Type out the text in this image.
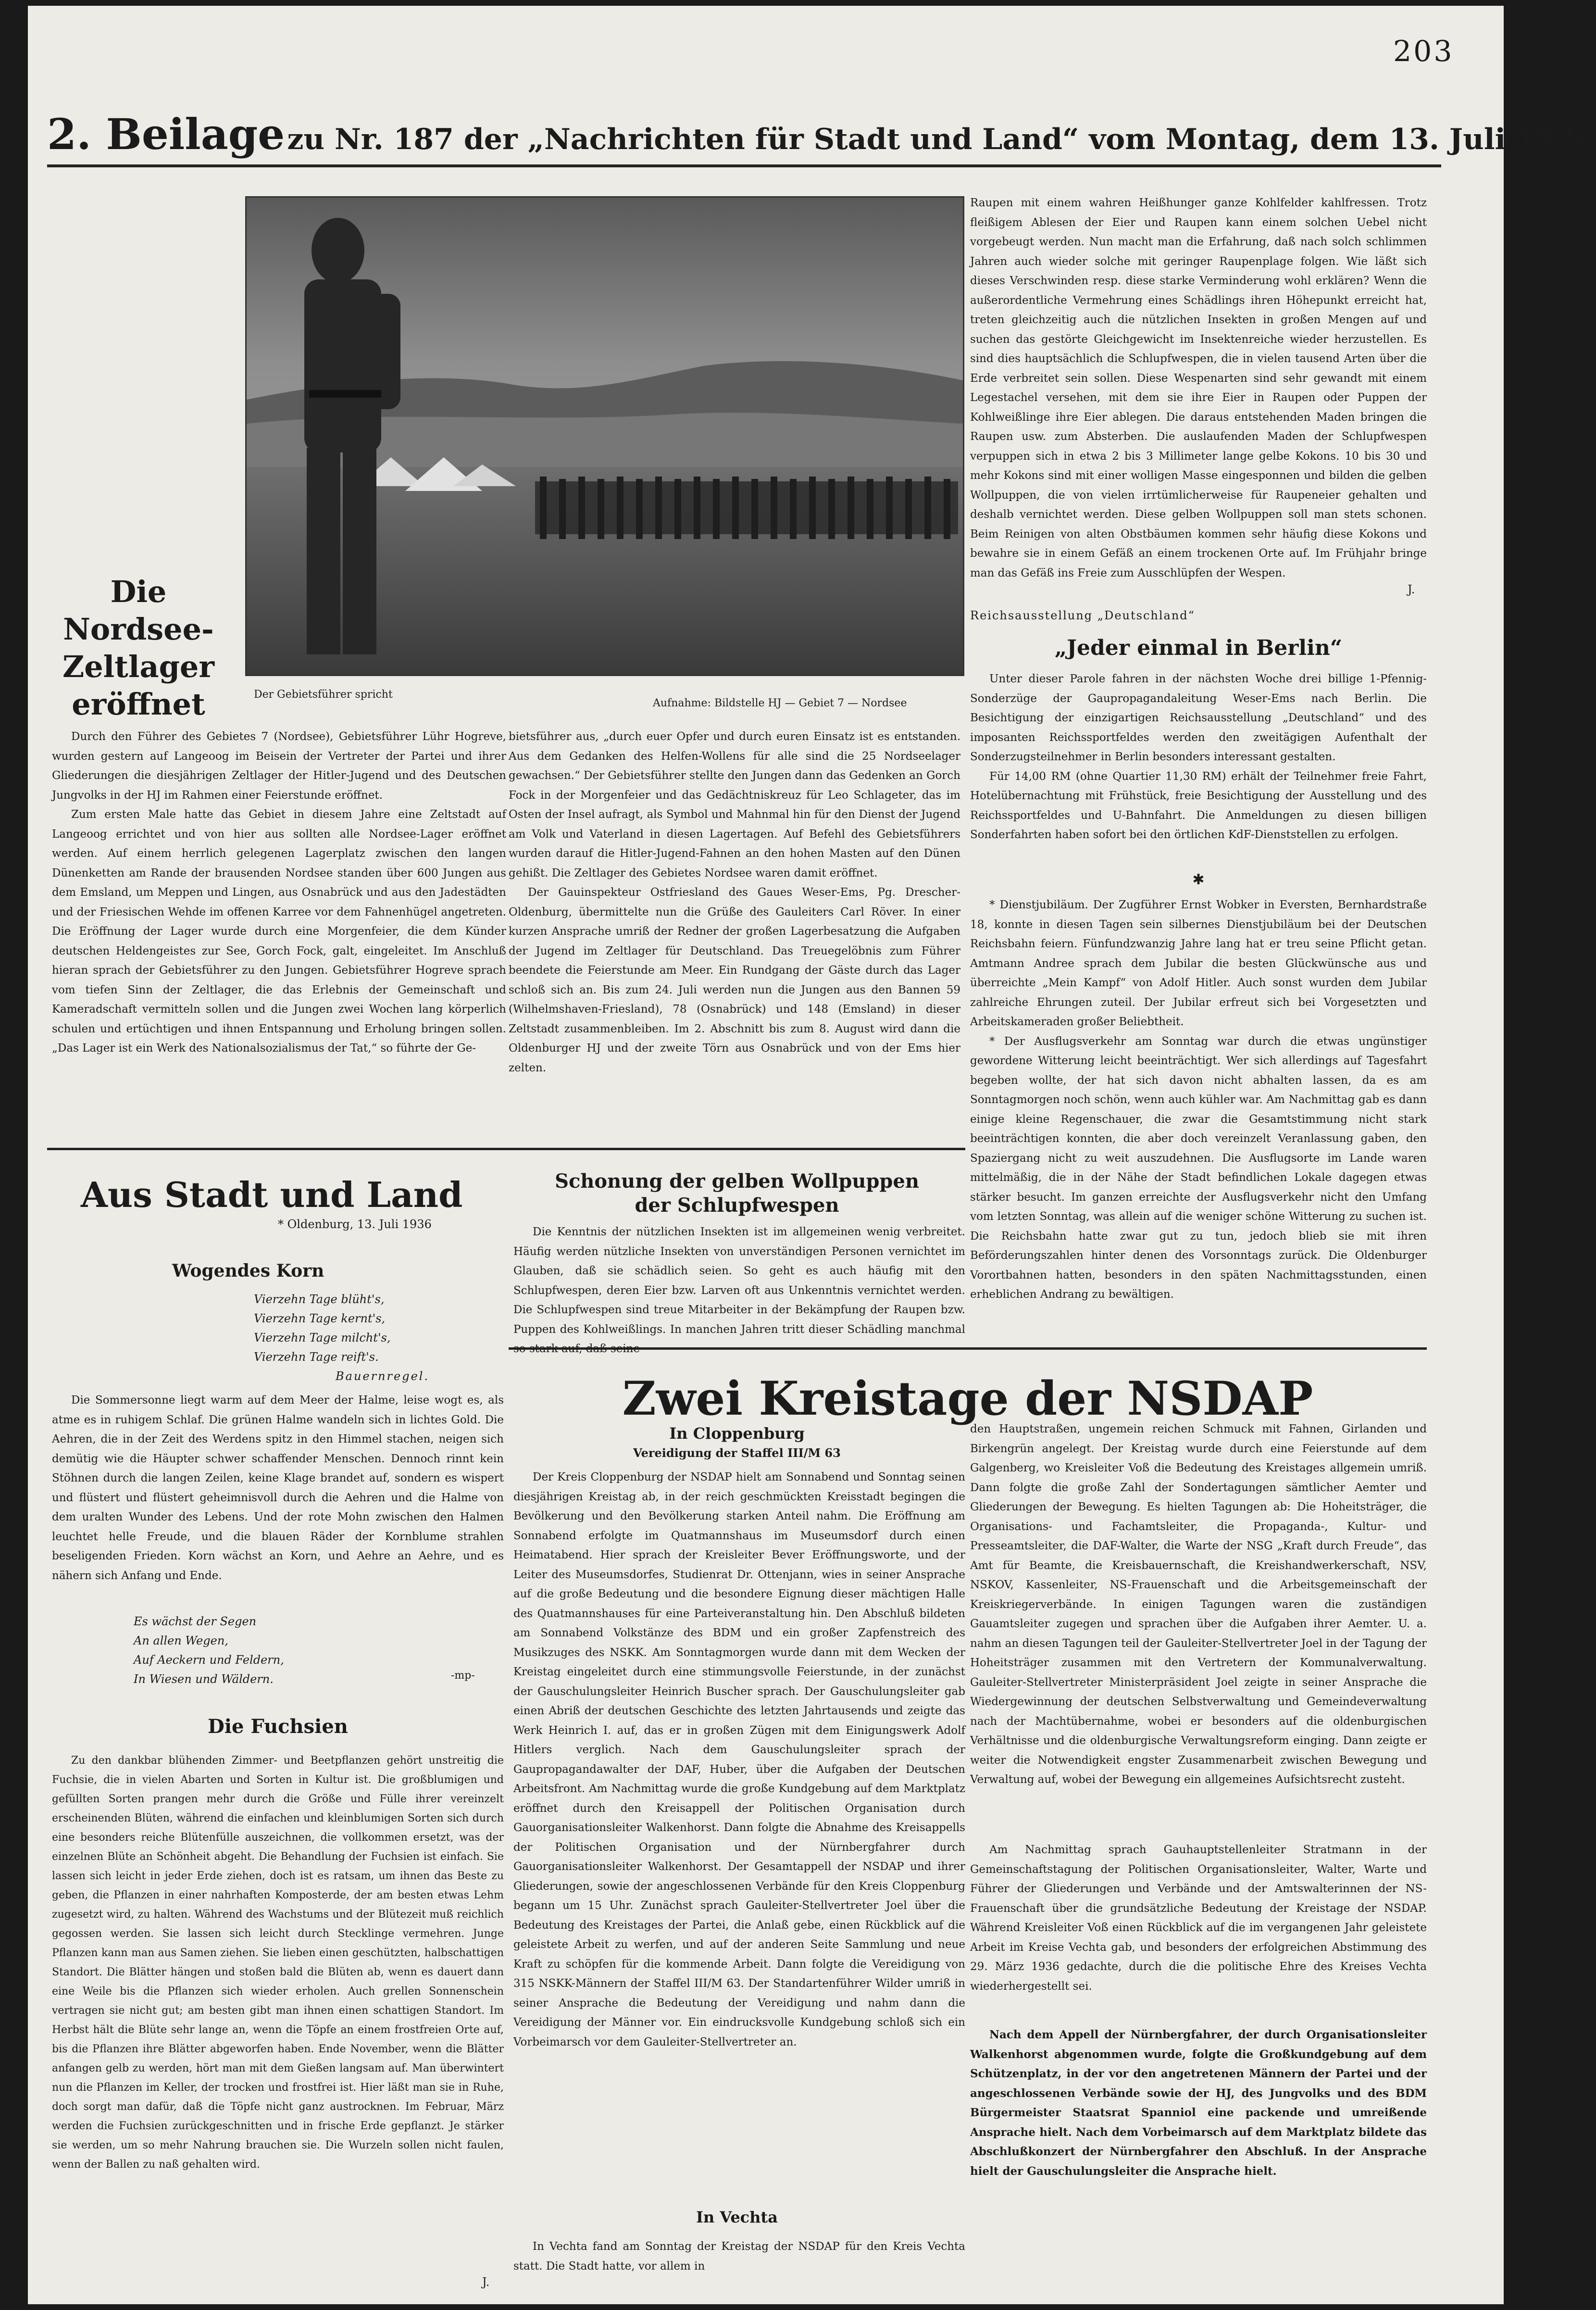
203
2. Beilage zu Nr. 187 der „Nachrichten für Stadt und Land“ vom Montag, dem 13. Juli 1936
Die Nordsee-
Zeltlager
eröffnet	Der Gebietsführer spricht
Aufnahme: Bildstelle HJ — Gebiet 7 — Nordsee

Durch den Führer des Gebietes 7 (Nordsee), Gebietsführer Lühr Hogreve, wurden gestern auf Langeoog im Beisein der Vertreter der Partei und ihrer Gliederungen die diesjährigen Zeltlager der Hitler-Jugend und des Deutschen Jungvolks in der HJ im Rahmen einer Feierstunde eröffnet.

Zum ersten Male hatte das Gebiet in diesem Jahre eine Zeltstadt auf Langeoog errichtet und von hier aus sollten alle Nordsee-Lager eröffnet werden. Auf einem herrlich gelegenen Lagerplatz zwischen den langen Dünenketten am Rande der brausenden Nordsee standen über 600 Jungen aus dem Emsland, um Meppen und Lingen, aus Osnabrück und aus den Jadestädten und der Friesischen Wehde im offenen Karree vor dem Fahnenhügel angetreten. Die Eröffnung der Lager wurde durch eine Morgenfeier, die dem Künder deutschen Heldengeistes zur See, Gorch Fock, galt, eingeleitet. Im Anschluß hieran sprach der Gebietsführer zu den Jungen. Gebietsführer Hogreve sprach vom tiefen Sinn der Zeltlager, die das Erlebnis der Gemeinschaft und Kameradschaft vermitteln sollen und die Jungen zwei Wochen lang körperlich schulen und ertüchtigen und ihnen Entspannung und Erholung bringen sollen. „Das Lager ist ein Werk des Nationalsozialismus der Tat,“ so führte der Ge-

bietsführer aus, „durch euer Opfer und durch euren Einsatz ist es entstanden. Aus dem Gedanken des Helfen-Wollens für alle sind die 25 Nordseelager gewachsen.“ Der Gebietsführer stellte den Jungen dann das Gedenken an Gorch Fock in der Morgenfeier und das Gedächtniskreuz für Leo Schlageter, das im Osten der Insel aufragt, als Symbol und Mahnmal hin für den Dienst der Jugend am Volk und Vaterland in diesen Lagertagen. Auf Befehl des Gebietsführers wurden darauf die Hitler-Jugend-Fahnen an den hohen Masten auf den Dünen gehißt. Die Zeltlager des Gebietes Nordsee waren damit eröffnet.

Der Gauinspekteur Ostfriesland des Gaues Weser-Ems, Pg. Drescher-Oldenburg, übermittelte nun die Grüße des Gauleiters Carl Röver. In einer kurzen Ansprache umriß der Redner der großen Lagerbesatzung die Aufgaben der Jugend im Zeltlager für Deutschland. Das Treuegelöbnis zum Führer beendete die Feierstunde am Meer. Ein Rundgang der Gäste durch das Lager schloß sich an. Bis zum 24. Juli werden nun die Jungen aus den Bannen 59 (Wilhelmshaven-Friesland), 78 (Osnabrück) und 148 (Emsland) in dieser Zeltstadt zusammenbleiben. Im 2. Abschnitt bis zum 8. August wird dann die Oldenburger HJ und der zweite Törn aus Osnabrück und von der Ems hier zelten.

Raupen mit einem wahren Heißhunger ganze Kohlfelder kahlfressen. Trotz fleißigem Ablesen der Eier und Raupen kann einem solchen Uebel nicht vorgebeugt werden. Nun macht man die Erfahrung, daß nach solch schlimmen Jahren auch wieder solche mit geringer Raupenplage folgen. Wie läßt sich dieses Verschwinden resp. diese starke Verminderung wohl erklären? Wenn die außerordentliche Vermehrung eines Schädlings ihren Höhepunkt erreicht hat, treten gleichzeitig auch die nützlichen Insekten in großen Mengen auf und suchen das gestörte Gleichgewicht im Insektenreiche wieder herzustellen. Es sind dies hauptsächlich die Schlupfwespen, die in vielen tausend Arten über die Erde verbreitet sein sollen. Diese Wespenarten sind sehr gewandt mit einem Legestachel versehen, mit dem sie ihre Eier in Raupen oder Puppen der Kohlweißlinge ihre Eier ablegen. Die daraus entstehenden Maden bringen die Raupen usw. zum Absterben. Die auslaufenden Maden der Schlupfwespen verpuppen sich in etwa 2 bis 3 Millimeter lange gelbe Kokons. 10 bis 30 und mehr Kokons sind mit einer wolligen Masse eingesponnen und bilden die gelben Wollpuppen, die von vielen irrtümlicherweise für Raupeneier gehalten und deshalb vernichtet werden. Diese gelben Wollpuppen soll man stets schonen. Beim Reinigen von alten Obstbäumen kommen sehr häufig diese Kokons und bewahre sie in einem Gefäß an einem trockenen Orte auf. Im Frühjahr bringe man das Gefäß ins Freie zum Ausschlüpfen der Wespen.

J.
Reichsausstellung „Deutschland“
„Jeder einmal in Berlin“

Unter dieser Parole fahren in der nächsten Woche drei billige 1-Pfennig-Sonderzüge der Gaupropagandaleitung Weser-Ems nach Berlin. Die Besichtigung der einzigartigen Reichsausstellung „Deutschland“ und des imposanten Reichssportfeldes werden den zweitägigen Aufenthalt der Sonderzugsteilnehmer in Berlin besonders interessant gestalten.

Für 14,00 RM (ohne Quartier 11,30 RM) erhält der Teilnehmer freie Fahrt, Hotelübernachtung mit Frühstück, freie Besichtigung der Ausstellung und des Reichssportfeldes und U-Bahnfahrt. Die Anmeldungen zu diesen billigen Sonderfahrten haben sofort bei den örtlichen KdF-Dienststellen zu erfolgen.

✱

* Dienstjubiläum. Der Zugführer Ernst Wobker in Eversten, Bernhardstraße 18, konnte in diesen Tagen sein silbernes Dienstjubiläum bei der Deutschen Reichsbahn feiern. Fünfundzwanzig Jahre lang hat er treu seine Pflicht getan. Amtmann Andree sprach dem Jubilar die besten Glückwünsche aus und überreichte „Mein Kampf“ von Adolf Hitler. Auch sonst wurden dem Jubilar zahlreiche Ehrungen zuteil. Der Jubilar erfreut sich bei Vorgesetzten und Arbeitskameraden großer Beliebtheit.

* Der Ausflugsverkehr am Sonntag war durch die etwas ungünstiger gewordene Witterung leicht beeinträchtigt. Wer sich allerdings auf Tagesfahrt begeben wollte, der hat sich davon nicht abhalten lassen, da es am Sonntagmorgen noch schön, wenn auch kühler war. Am Nachmittag gab es dann einige kleine Regenschauer, die zwar die Gesamtstimmung nicht stark beeinträchtigen konnten, die aber doch vereinzelt Veranlassung gaben, den Spaziergang nicht zu weit auszudehnen. Die Ausflugsorte im Lande waren mittelmäßig, die in der Nähe der Stadt befindlichen Lokale dagegen etwas stärker besucht. Im ganzen erreichte der Ausflugsverkehr nicht den Umfang vom letzten Sonntag, was allein auf die weniger schöne Witterung zu suchen ist. Die Reichsbahn hatte zwar gut zu tun, jedoch blieb sie mit ihren Beförderungszahlen hinter denen des Vorsonntags zurück. Die Oldenburger Vorortbahnen hatten, besonders in den späten Nachmittagsstunden, einen erheblichen Andrang zu bewältigen.

Aus Stadt und Land
* Oldenburg, 13. Juli 1936
Wogendes Korn
Vierzehn Tage blüht's,
Vierzehn Tage kernt's,
Vierzehn Tage milcht's,
Vierzehn Tage reift's.
Bauernregel.

Die Sommersonne liegt warm auf dem Meer der Halme, leise wogt es, als atme es in ruhigem Schlaf. Die grünen Halme wandeln sich in lichtes Gold. Die Aehren, die in der Zeit des Werdens spitz in den Himmel stachen, neigen sich demütig wie die Häupter schwer schaffender Menschen. Dennoch rinnt kein Stöhnen durch die langen Zeilen, keine Klage brandet auf, sondern es wispert und flüstert und flüstert geheimnisvoll durch die Aehren und die Halme von dem uralten Wunder des Lebens. Und der rote Mohn zwischen den Halmen leuchtet helle Freude, und die blauen Räder der Kornblume strahlen beseligenden Frieden. Korn wächst an Korn, und Aehre an Aehre, und es nähern sich Anfang und Ende.

Es wächst der Segen
An allen Wegen,
Auf Aeckern und Feldern,
In Wiesen und Wäldern.	-mp-
Die Fuchsien

Zu den dankbar blühenden Zimmer- und Beetpflanzen gehört unstreitig die Fuchsie, die in vielen Abarten und Sorten in Kultur ist. Die großblumigen und gefüllten Sorten prangen mehr durch die Größe und Fülle ihrer vereinzelt erscheinenden Blüten, während die einfachen und kleinblumigen Sorten sich durch eine besonders reiche Blütenfülle auszeichnen, die vollkommen ersetzt, was der einzelnen Blüte an Schönheit abgeht. Die Behandlung der Fuchsien ist einfach. Sie lassen sich leicht in jeder Erde ziehen, doch ist es ratsam, um ihnen das Beste zu geben, die Pflanzen in einer nahrhaften Komposterde, der am besten etwas Lehm zugesetzt wird, zu halten. Während des Wachstums und der Blütezeit muß reichlich gegossen werden. Sie lassen sich leicht durch Stecklinge vermehren. Junge Pflanzen kann man aus Samen ziehen. Sie lieben einen geschützten, halbschattigen Standort. Die Blätter hängen und stoßen bald die Blüten ab, wenn es dauert dann eine Weile bis die Pflanzen sich wieder erholen. Auch grellen Sonnenschein vertragen sie nicht gut; am besten gibt man ihnen einen schattigen Standort. Im Herbst hält die Blüte sehr lange an, wenn die Töpfe an einem frostfreien Orte auf, bis die Pflanzen ihre Blätter abgeworfen haben. Ende November, wenn die Blätter anfangen gelb zu werden, hört man mit dem Gießen langsam auf. Man überwintert nun die Pflanzen im Keller, der trocken und frostfrei ist. Hier läßt man sie in Ruhe, doch sorgt man dafür, daß die Töpfe nicht ganz austrocknen. Im Februar, März werden die Fuchsien zurückgeschnitten und in frische Erde gepflanzt. Je stärker sie werden, um so mehr Nahrung brauchen sie. Die Wurzeln sollen nicht faulen, wenn der Ballen zu naß gehalten wird.

J.
Schonung der gelben Wollpuppen
der Schlupfwespen

Die Kenntnis der nützlichen Insekten ist im allgemeinen wenig verbreitet. Häufig werden nützliche Insekten von unverständigen Personen vernichtet im Glauben, daß sie schädlich seien. So geht es auch häufig mit den Schlupfwespen, deren Eier bzw. Larven oft aus Unkenntnis vernichtet werden. Die Schlupfwespen sind treue Mitarbeiter in der Bekämpfung der Raupen bzw. Puppen des Kohlweißlings. In manchen Jahren tritt dieser Schädling manchmal so stark auf, daß seine

Zwei Kreistage der NSDAP
In Cloppenburg
Vereidigung der Staffel III/M 63

Der Kreis Cloppenburg der NSDAP hielt am Sonnabend und Sonntag seinen diesjährigen Kreistag ab, in der reich geschmückten Kreisstadt begingen die Bevölkerung und den Bevölkerung starken Anteil nahm. Die Eröffnung am Sonnabend erfolgte im Quatmannshaus im Museumsdorf durch einen Heimatabend. Hier sprach der Kreisleiter Bever Eröffnungsworte, und der Leiter des Museumsdorfes, Studienrat Dr. Ottenjann, wies in seiner Ansprache auf die große Bedeutung und die besondere Eignung dieser mächtigen Halle des Quatmannshauses für eine Parteiveranstaltung hin. Den Abschluß bildeten am Sonnabend Volkstänze des BDM und ein großer Zapfenstreich des Musikzuges des NSKK. Am Sonntagmorgen wurde dann mit dem Wecken der Kreistag eingeleitet durch eine stimmungsvolle Feierstunde, in der zunächst der Gauschulungsleiter Heinrich Buscher sprach. Der Gauschulungsleiter gab einen Abriß der deutschen Geschichte des letzten Jahrtausends und zeigte das Werk Heinrich I. auf, das er in großen Zügen mit dem Einigungswerk Adolf Hitlers verglich. Nach dem Gauschulungsleiter sprach der Gaupropagandawalter der DAF, Huber, über die Aufgaben der Deutschen Arbeitsfront. Am Nachmittag wurde die große Kundgebung auf dem Marktplatz eröffnet durch den Kreisappell der Politischen Organisation durch Gauorganisationsleiter Walkenhorst. Dann folgte die Abnahme des Kreisappells der Politischen Organisation und der Nürnbergfahrer durch Gauorganisationsleiter Walkenhorst. Der Gesamtappell der NSDAP und ihrer Gliederungen, sowie der angeschlossenen Verbände für den Kreis Cloppenburg begann um 15 Uhr. Zunächst sprach Gauleiter-Stellvertreter Joel über die Bedeutung des Kreistages der Partei, die Anlaß gebe, einen Rückblick auf die geleistete Arbeit zu werfen, und auf der anderen Seite Sammlung und neue Kraft zu schöpfen für die kommende Arbeit. Dann folgte die Vereidigung von 315 NSKK-Männern der Staffel III/M 63. Der Standartenführer Wilder umriß in seiner Ansprache die Bedeutung der Vereidigung und nahm dann die Vereidigung der Männer vor. Ein eindrucksvolle Kundgebung schloß sich ein Vorbeimarsch vor dem Gauleiter-Stellvertreter an.

In Vechta

In Vechta fand am Sonntag der Kreistag der NSDAP für den Kreis Vechta statt. Die Stadt hatte, vor allem in

den Hauptstraßen, ungemein reichen Schmuck mit Fahnen, Girlanden und Birkengrün angelegt. Der Kreistag wurde durch eine Feierstunde auf dem Galgenberg, wo Kreisleiter Voß die Bedeutung des Kreistages allgemein umriß. Dann folgte die große Zahl der Sondertagungen sämtlicher Aemter und Gliederungen der Bewegung. Es hielten Tagungen ab: Die Hoheitsträger, die Organisations- und Fachamtsleiter, die Propaganda-, Kultur- und Presseamtsleiter, die DAF-Walter, die Warte der NSG „Kraft durch Freude“, das Amt für Beamte, die Kreisbauernschaft, die Kreishandwerkerschaft, NSV, NSKOV, Kassenleiter, NS-Frauenschaft und die Arbeitsgemeinschaft der Kreiskriegerverbände. In einigen Tagungen waren die zuständigen Gauamtsleiter zugegen und sprachen über die Aufgaben ihrer Aemter. U. a. nahm an diesen Tagungen teil der Gauleiter-Stellvertreter Joel in der Tagung der Hoheitsträger zusammen mit den Vertretern der Kommunalverwaltung. Gauleiter-Stellvertreter Ministerpräsident Joel zeigte in seiner Ansprache die Wiedergewinnung der deutschen Selbstverwaltung und Gemeindeverwaltung nach der Machtübernahme, wobei er besonders auf die oldenburgischen Verhältnisse und die oldenburgische Verwaltungsreform einging. Dann zeigte er weiter die Notwendigkeit engster Zusammenarbeit zwischen Bewegung und Verwaltung auf, wobei der Bewegung ein allgemeines Aufsichtsrecht zusteht.

Am Nachmittag sprach Gauhauptstellenleiter Stratmann in der Gemeinschaftstagung der Politischen Organisationsleiter, Walter, Warte und Führer der Gliederungen und Verbände und der Amtswalterinnen der NS-Frauenschaft über die grundsätzliche Bedeutung der Kreistage der NSDAP. Während Kreisleiter Voß einen Rückblick auf die im vergangenen Jahr geleistete Arbeit im Kreise Vechta gab, und besonders der erfolgreichen Abstimmung des 29. März 1936 gedachte, durch die die politische Ehre des Kreises Vechta wiederhergestellt sei.

Nach dem Appell der Nürnbergfahrer, der durch Organisationsleiter Walkenhorst abgenommen wurde, folgte die Großkundgebung auf dem Schützenplatz, in der vor den angetretenen Männern der Partei und der angeschlossenen Verbände sowie der HJ, des Jungvolks und des BDM Bürgermeister Staatsrat Spanniol eine packende und umreißende Ansprache hielt. Nach dem Vorbeimarsch auf dem Marktplatz bildete das Abschlußkonzert der Nürnbergfahrer den Abschluß. In der Ansprache hielt der Gauschulungsleiter die Ansprache hielt.
